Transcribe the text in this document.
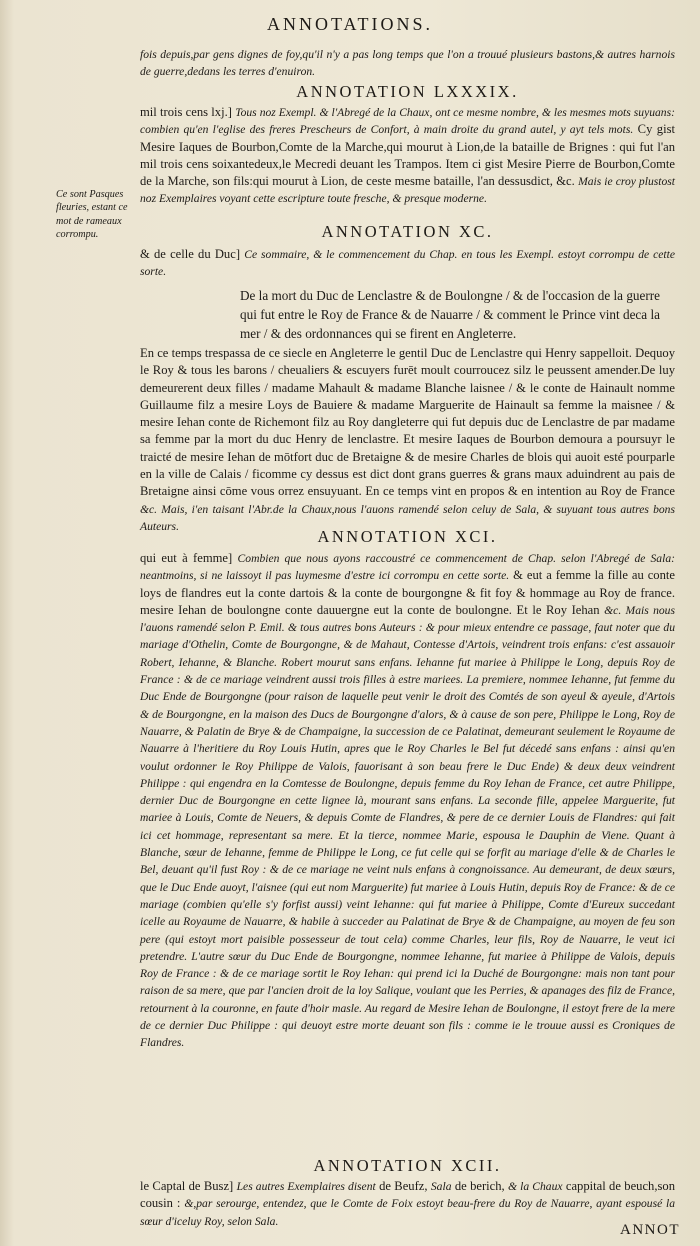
ANNOTATIONS.

fois depuis,par gens dignes de foy,qu'il n'y a pas long temps que l'on a trouué plusieurs bastons,& autres harnois de guerre,dedans les terres d'enuiron.

ANNOTATION LXXXIX.

mil trois cens lxj.] Tous noz Exempl. & l'Abregé de la Chaux, ont ce mesme nombre, & les mesmes mots suyuans: combien qu'en l'eglise des freres Prescheurs de Confort, à main droite du grand autel, y ayt tels mots. Cy gist Mesire Iaques de Bourbon,Comte de la Marche,qui mourut à Lion,de la bataille de Brignes : qui fut l'an mil trois cens soixantedeux,le Mecredi deuant les Trampos. Item ci gist Mesire Pierre de Bourbon,Comte de la Marche, son fils:qui mourut à Lion, de ceste mesme bataille, l'an dessusdict, &c. Mais ie croy plustost noz Exemplaires voyant cette escripture toute fresche, & presque moderne.

Ce sont Pasques fleuries, estant ce mot de rameaux corrompu.	ANNOTATION XC.

& de celle du Duc] Ce sommaire, & le commencement du Chap. en tous les Exempl. estoyt corrompu de cette sorte.

De la mort du Duc de Lenclastre & de Boulongne / & de l'occasion de la guerre qui fut entre le Roy de France & de Nauarre / & comment le Prince vint deca la mer / & des ordonnances qui se firent en Angleterre.

En ce temps trespassa de ce siecle en Angleterre le gentil Duc de Lenclastre qui Henry sappelloit. Dequoy le Roy & tous les barons / cheualiers & escuyers furēt moult courroucez silz le peussent amender.De luy demeurerent deux filles / madame Mahault & madame Blanche laisnee / & le conte de Hainault nomme Guillaume filz a mesire Loys de Bauiere & madame Marguerite de Hainault sa femme la maisnee / & mesire Iehan conte de Richemont filz au Roy dangleterre qui fut depuis duc de Lenclastre de par madame sa femme par la mort du duc Henry de lenclastre. Et mesire Iaques de Bourbon demoura a poursuyr le traicté de mesire Iehan de mōtfort duc de Bretaigne & de mesire Charles de blois qui auoit esté pourparle en la ville de Calais / ficomme cy dessus est dict dont grans guerres & grans maux aduindrent au pais de Bretaigne ainsi cōme vous orrez ensuyuant. En ce temps vint en propos & en intention au Roy de France &c. Mais, i'en taisant l'Abr.de la Chaux,nous l'auons ramendé selon celuy de Sala, & suyuant tous autres bons Auteurs.

ANNOTATION XCI.

qui eut à femme] Combien que nous ayons raccoustré ce commencement de Chap. selon l'Abregé de Sala: neantmoins, si ne laissoyt il pas luymesme d'estre ici corrompu en cette sorte. & eut a femme la fille au conte loys de flandres eut la conte dartois & la conte de bourgongne & fit foy & hommage au Roy de france. mesire Iehan de boulongne conte dauuergne eut la conte de boulongne. Et le Roy Iehan &c. Mais nous l'auons ramendé selon P. Emil. & tous autres bons Auteurs : & pour mieux entendre ce passage, faut noter que du mariage d'Othelin, Comte de Bourgongne, & de Mahaut, Contesse d'Artois, veindrent trois enfans: c'est assauoir Robert, Iehanne, & Blanche. Robert mourut sans enfans. Iehanne fut mariee à Philippe le Long, depuis Roy de France : & de ce mariage veindrent aussi trois filles à estre mariees. La premiere, nommee Iehanne, fut femme du Duc Ende de Bourgongne (pour raison de laquelle peut venir le droit des Comtés de son ayeul & ayeule, d'Artois & de Bourgongne, en la maison des Ducs de Bourgongne d'alors, & à cause de son pere, Philippe le Long, Roy de Nauarre, & Palatin de Brye & de Champaigne, la succession de ce Palatinat, demeurant seulement le Royaume de Nauarre à l'heritiere du Roy Louis Hutin, apres que le Roy Charles le Bel fut décedé sans enfans : ainsi qu'en voulut ordonner le Roy Philippe de Valois, fauorisant à son beau frere le Duc Ende) & deux deux veindrent Philippe : qui engendra en la Comtesse de Boulongne, depuis femme du Roy Iehan de France, cet autre Philippe, dernier Duc de Bourgongne en cette lignee là, mourant sans enfans. La seconde fille, appelee Marguerite, fut mariee à Louis, Comte de Neuers, & depuis Comte de Flandres, & pere de ce dernier Louis de Flandres: qui fait ici cet hommage, representant sa mere. Et la tierce, nommee Marie, espousa le Dauphin de Viene. Quant à Blanche, sœur de Iehanne, femme de Philippe le Long, ce fut celle qui se forfit au mariage d'elle & de Charles le Bel, deuant qu'il fust Roy : & de ce mariage ne veint nuls enfans à congnoissance. Au demeurant, de deux sœurs, que le Duc Ende auoyt, l'aisnee (qui eut nom Marguerite) fut mariee à Louis Hutin, depuis Roy de France: & de ce mariage (combien qu'elle s'y forfist aussi) veint Iehanne: qui fut mariee à Philippe, Comte d'Eureux succedant icelle au Royaume de Nauarre, & habile à succeder au Palatinat de Brye & de Champaigne, au moyen de feu son pere (qui estoyt mort paisible possesseur de tout cela) comme Charles, leur fils, Roy de Nauarre, le veut ici pretendre. L'autre sœur du Duc Ende de Bourgongne, nommee Iehanne, fut mariee à Philippe de Valois, depuis Roy de France : & de ce mariage sortit le Roy Iehan: qui prend ici la Duché de Bourgongne: mais non tant pour raison de sa mere, que par l'ancien droit de la loy Salique, voulant que les Perries, & apanages des filz de France, retournent à la couronne, en faute d'hoir masle. Au regard de Mesire Iehan de Boulongne, il estoyt frere de la mere de ce dernier Duc Philippe : qui deuoyt estre morte deuant son fils : comme ie le trouue aussi es Croniques de Flandres.

ANNOTATION XCII.

le Captal de Busz] Les autres Exemplaires disent de Beufz, Sala de berich, & la Chaux cappital de beuch,son cousin : &,par serourge, entendez, que le Comte de Foix estoyt beau-frere du Roy de Nauarre, ayant espousé la sœur d'iceluy Roy, selon Sala.

ANNOT
